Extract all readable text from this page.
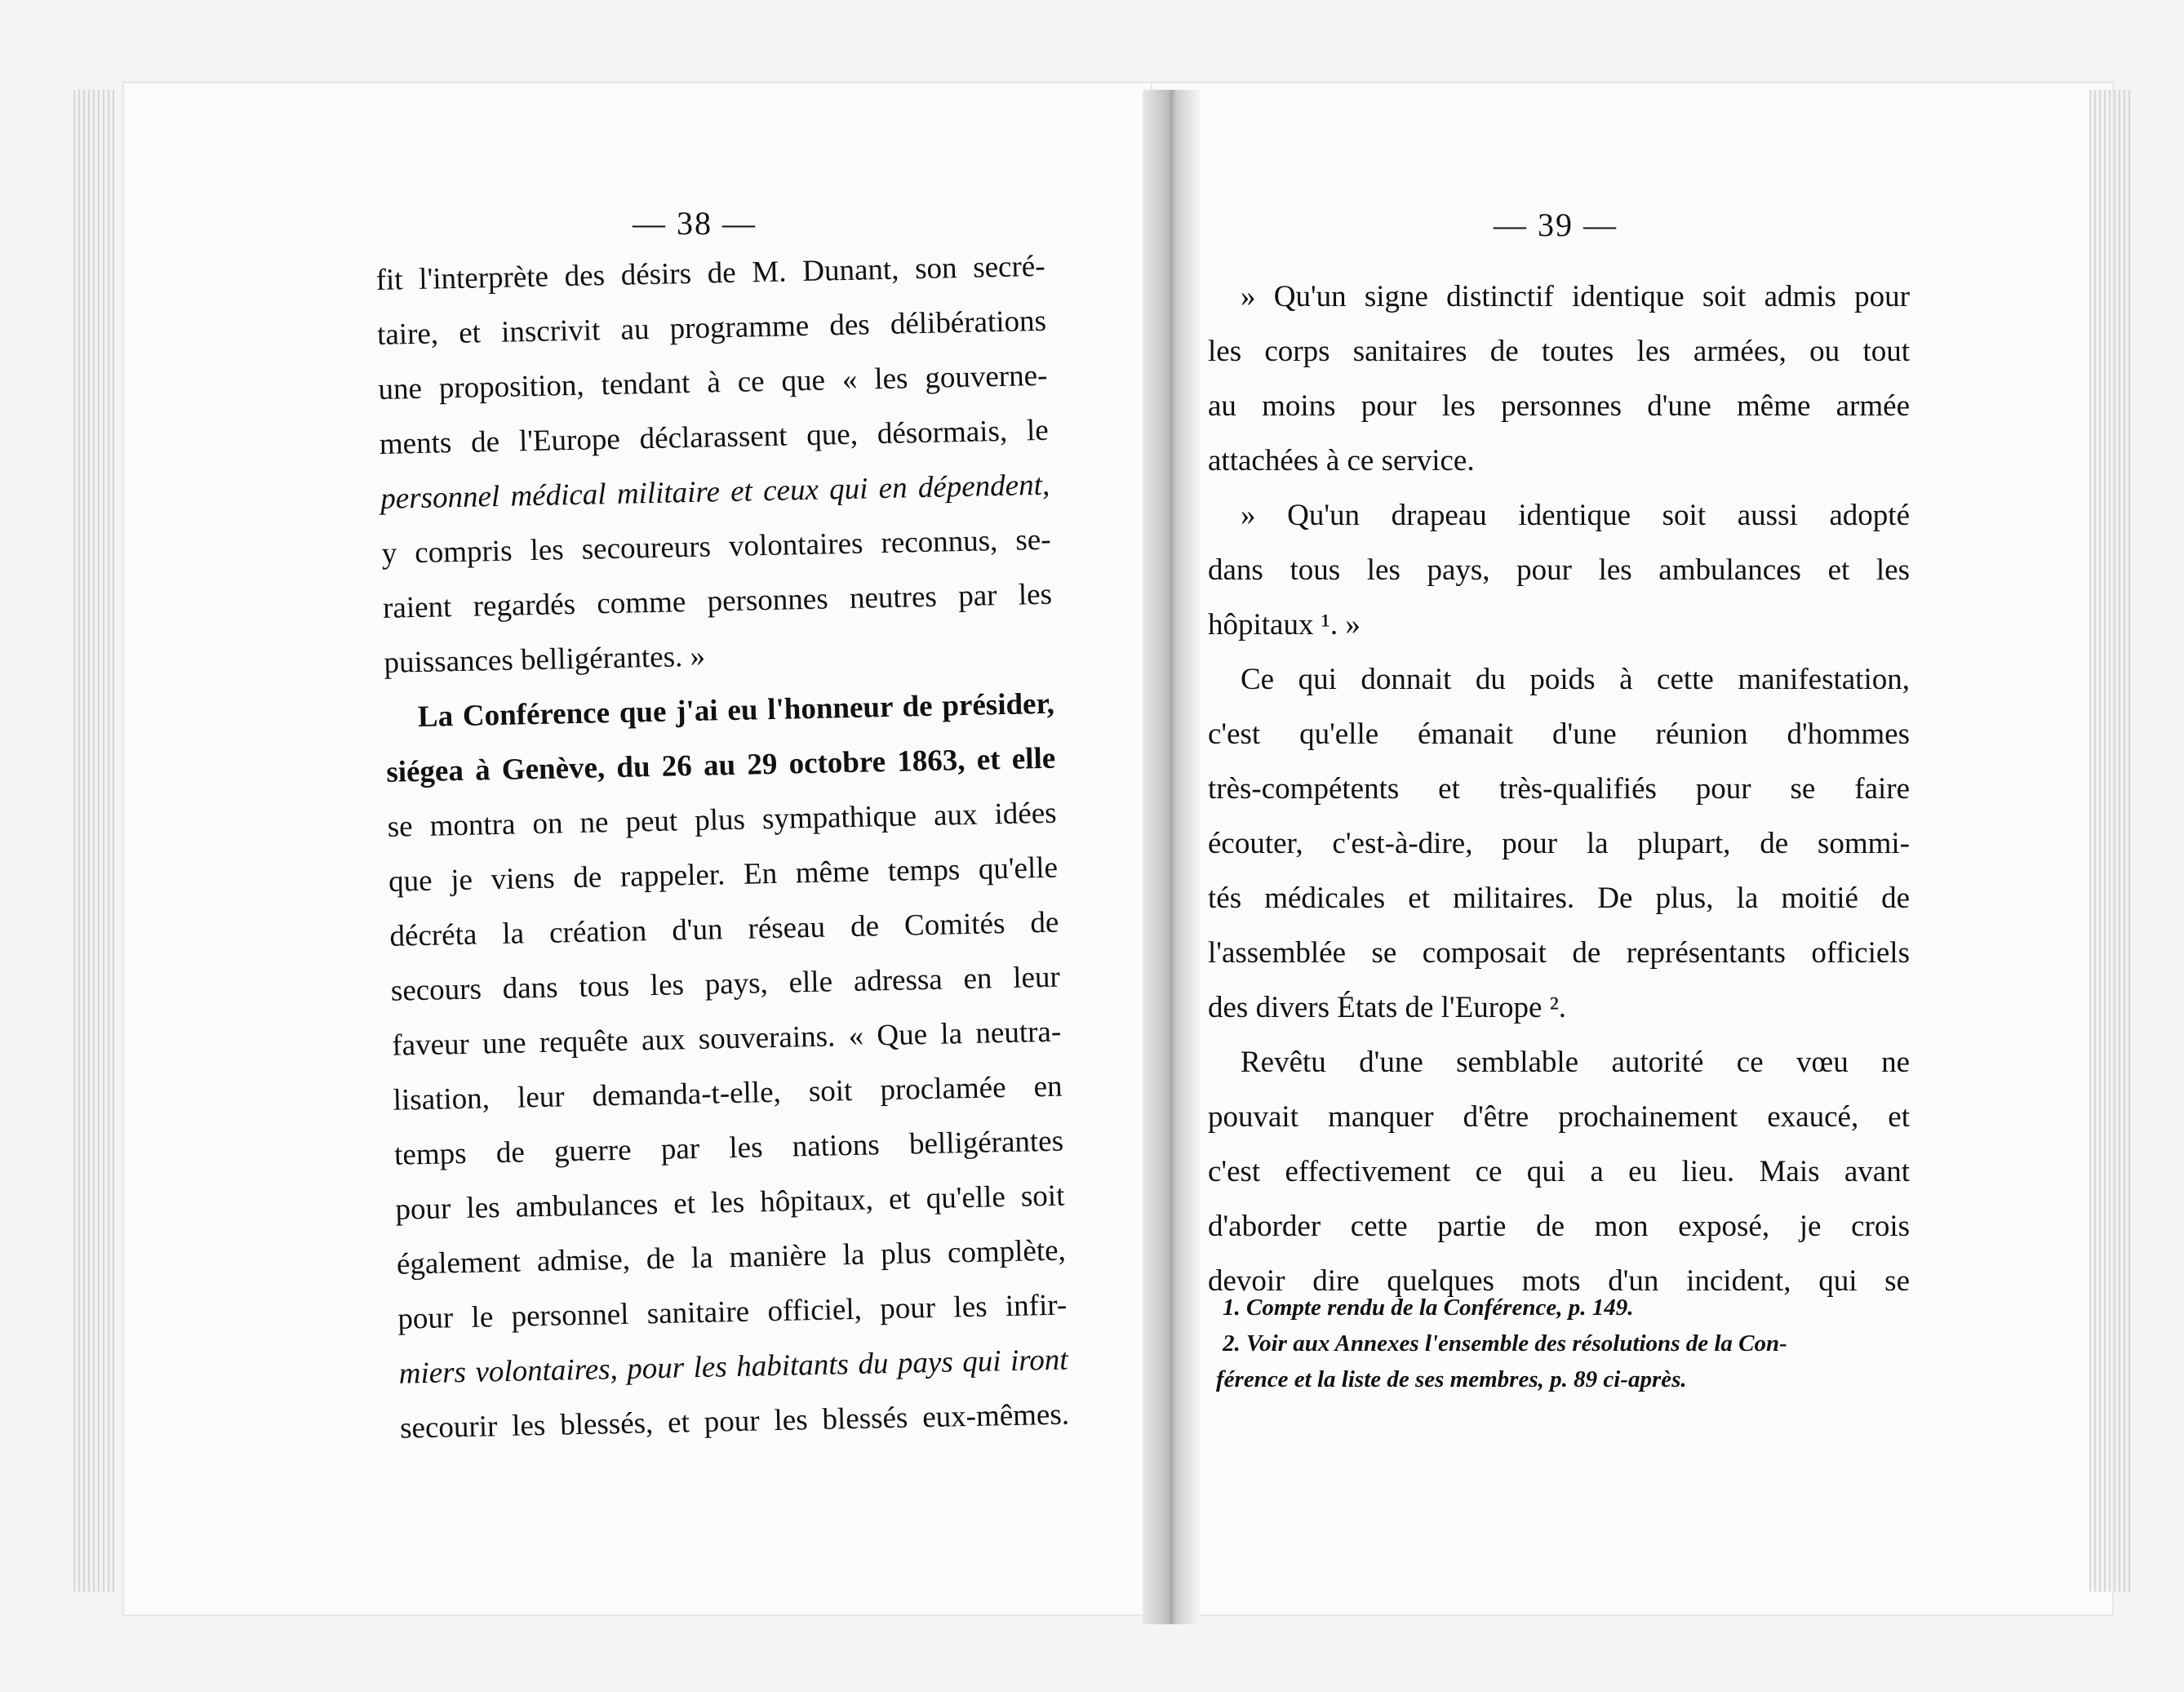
— 38 —
fit l'interprète des désirs de M. Dunant, son secré-
taire, et inscrivit au programme des délibérations
une proposition, tendant à ce que « les gouverne-
ments de l'Europe déclarassent que, désormais, le
personnel médical militaire et ceux qui en dépendent,
y compris les secoureurs volontaires reconnus, se-
raient regardés comme personnes neutres par les
puissances belligérantes. »
La Conférence que j'ai eu l'honneur de présider,
siégea à Genève, du 26 au 29 octobre 1863, et elle
se montra on ne peut plus sympathique aux idées
que je viens de rappeler. En même temps qu'elle
décréta la création d'un réseau de Comités de
secours dans tous les pays, elle adressa en leur
faveur une requête aux souverains. « Que la neutra-
lisation, leur demanda-t-elle, soit proclamée en
temps de guerre par les nations belligérantes
pour les ambulances et les hôpitaux, et qu'elle soit
également admise, de la manière la plus complète,
pour le personnel sanitaire officiel, pour les infir-
miers volontaires, pour les habitants du pays qui iront
secourir les blessés, et pour les blessés eux-mêmes.
— 39 —
» Qu'un signe distinctif identique soit admis pour
les corps sanitaires de toutes les armées, ou tout
au moins pour les personnes d'une même armée
attachées à ce service.
» Qu'un drapeau identique soit aussi adopté
dans tous les pays, pour les ambulances et les
hôpitaux ¹. »
Ce qui donnait du poids à cette manifestation,
c'est qu'elle émanait d'une réunion d'hommes
très-compétents et très-qualifiés pour se faire
écouter, c'est-à-dire, pour la plupart, de sommi-
tés médicales et militaires. De plus, la moitié de
l'assemblée se composait de représentants officiels
des divers États de l'Europe ².
Revêtu d'une semblable autorité ce vœu ne
pouvait manquer d'être prochainement exaucé, et
c'est effectivement ce qui a eu lieu. Mais avant
d'aborder cette partie de mon exposé, je crois
devoir dire quelques mots d'un incident, qui se
1. Compte rendu de la Conférence, p. 149.
2. Voir aux Annexes l'ensemble des résolutions de la Con-
férence et la liste de ses membres, p. 89 ci-après.
